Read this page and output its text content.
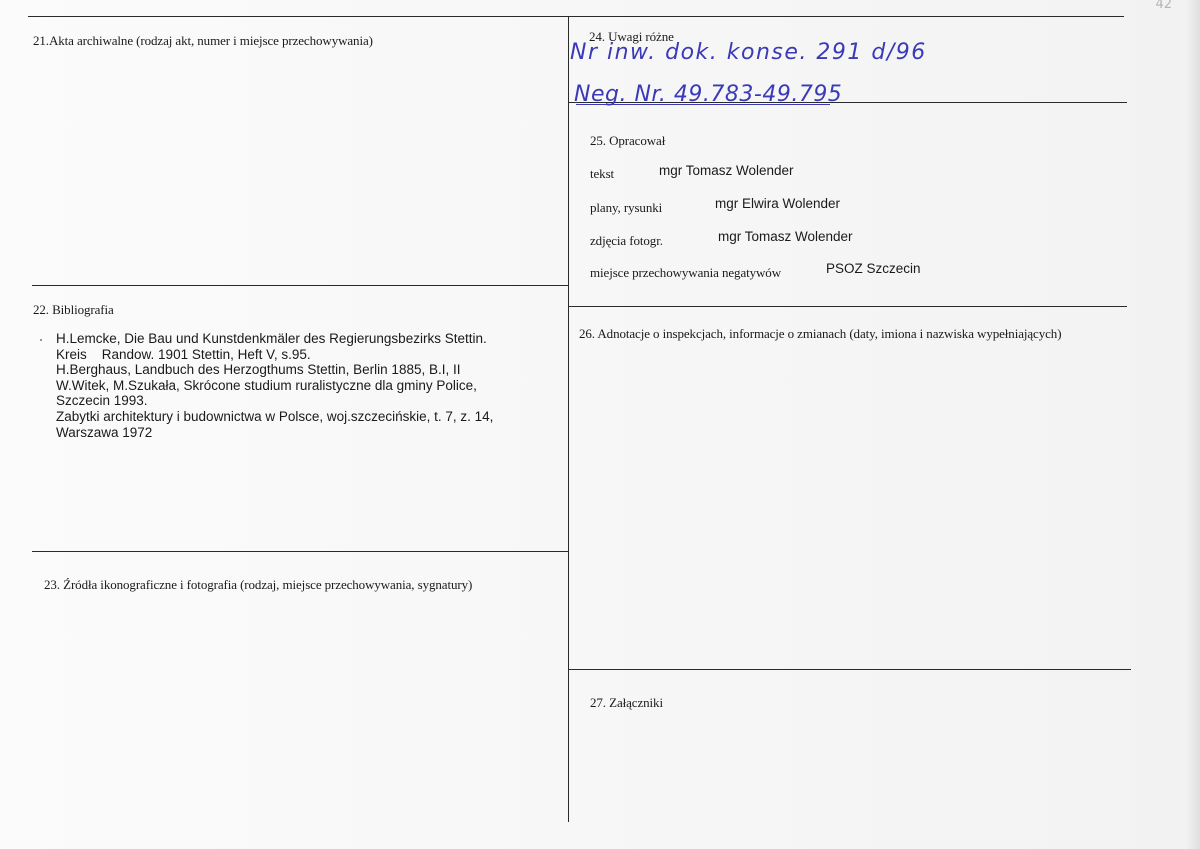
42
21.Akta archiwalne (rodzaj akt, numer i miejsce przechowywania)
22. Bibliografia
H.Lemcke, Die Bau und Kunstdenkmäler des Regierungsbezirks Stettin.
Kreis    Randow. 1901 Stettin, Heft V, s.95.
H.Berghaus, Landbuch des Herzogthums Stettin, Berlin 1885, B.I, II
W.Witek, M.Szukała, Skrócone studium ruralistyczne dla gminy Police,
Szczecin 1993.
Zabytki architektury i budownictwa w Polsce, woj.szczecińskie, t. 7, z. 14,
Warszawa 1972
23. Źródła ikonograficzne i fotografia (rodzaj, miejsce przechowywania, sygnatury)
24. Uwagi różne
Nr inw. dok. konse. 291 d/96
Neg. Nr. 49.783-49.795
25. Opracował
tekst	mgr Tomasz Wolender
plany, rysunki	mgr Elwira Wolender
zdjęcia fotogr.	mgr Tomasz Wolender
miejsce przechowywania negatywów	PSOZ Szczecin
26. Adnotacje o inspekcjach, informacje o zmianach (daty, imiona i nazwiska wypełniających)
27. Załączniki
